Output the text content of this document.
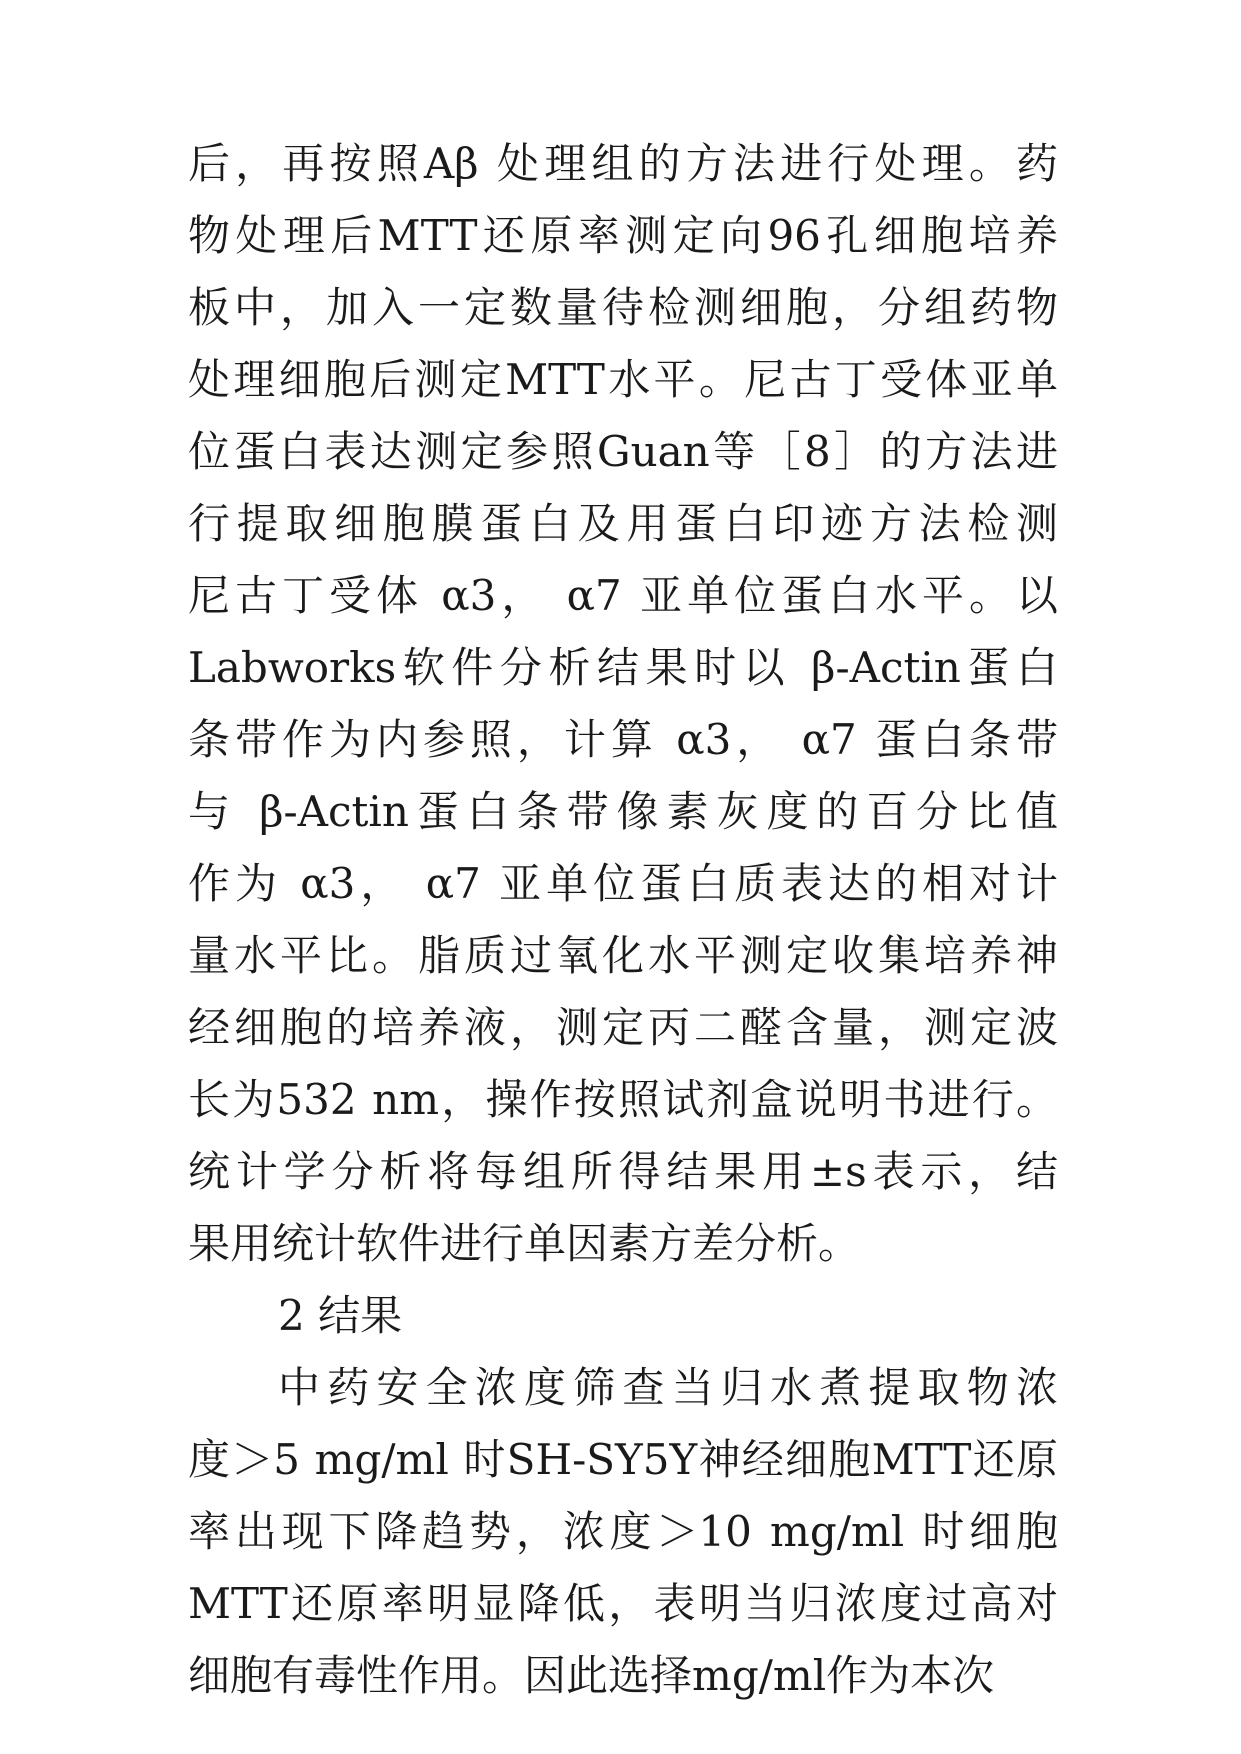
后，再按照Aβ 处理组的方法进行处理。药
物处理后MTT还原率测定向96孔细胞培养
板中，加入一定数量待检测细胞，分组药物
处理细胞后测定MTT水平。尼古丁受体亚单
位蛋白表达测定参照Guan等［8］的方法进
行提取细胞膜蛋白及用蛋白印迹方法检测
尼古丁受体 α3， α7 亚单位蛋白水平。以
Labworks软件分析结果时以 β-Actin蛋白
条带作为内参照，计算 α3， α7 蛋白条带
与 β-Actin蛋白条带像素灰度的百分比值
作为 α3， α7 亚单位蛋白质表达的相对计
量水平比。脂质过氧化水平测定收集培养神
经细胞的培养液，测定丙二醛含量，测定波
长为532 nm，操作按照试剂盒说明书进行。
统计学分析将每组所得结果用±s表示，结
果用统计软件进行单因素方差分析。
2 结果
中药安全浓度筛查当归水煮提取物浓
度＞5 mg/ml 时SH-SY5Y神经细胞MTT还原
率出现下降趋势，浓度＞10 mg/ml 时细胞
MTT还原率明显降低，表明当归浓度过高对
细胞有毒性作用。因此选择mg/ml作为本次
